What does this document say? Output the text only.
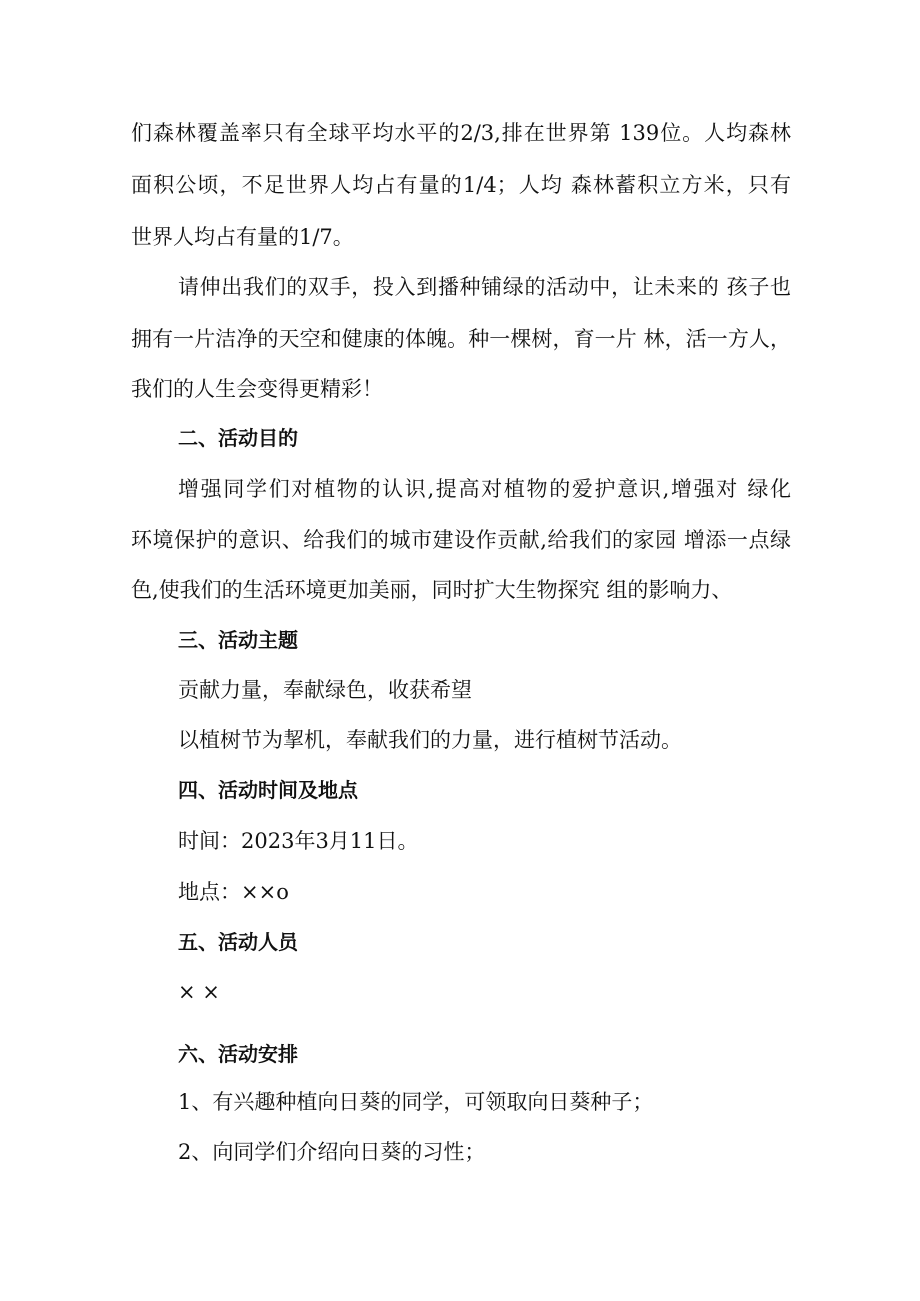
们森林覆盖率只有全球平均水平的2/3,排在世界第 139位。人均森林
面积公顷，不足世界人均占有量的1/4；人均 森林蓄积立方米，只有
世界人均占有量的1/7。
请伸出我们的双手，投入到播种铺绿的活动中，让未来的 孩子也
拥有一片洁净的天空和健康的体魄。种一棵树，育一片 林，活一方人，
我们的人生会变得更精彩！
二、活动目的
增强同学们对植物的认识,提高对植物的爱护意识,增强对 绿化
环境保护的意识、给我们的城市建设作贡献,给我们的家园 增添一点绿
色,使我们的生活环境更加美丽，同时扩大生物探究 组的影响力、
三、活动主题
贡献力量，奉献绿色，收获希望
以植树节为挈机，奉献我们的力量，进行植树节活动。
四、活动时间及地点
时间：2023年3月11日。
地点：××o
五、活动人员
× ×
六、活动安排
1、有兴趣种植向日葵的同学，可领取向日葵种子；
2、向同学们介绍向日葵的习性；
